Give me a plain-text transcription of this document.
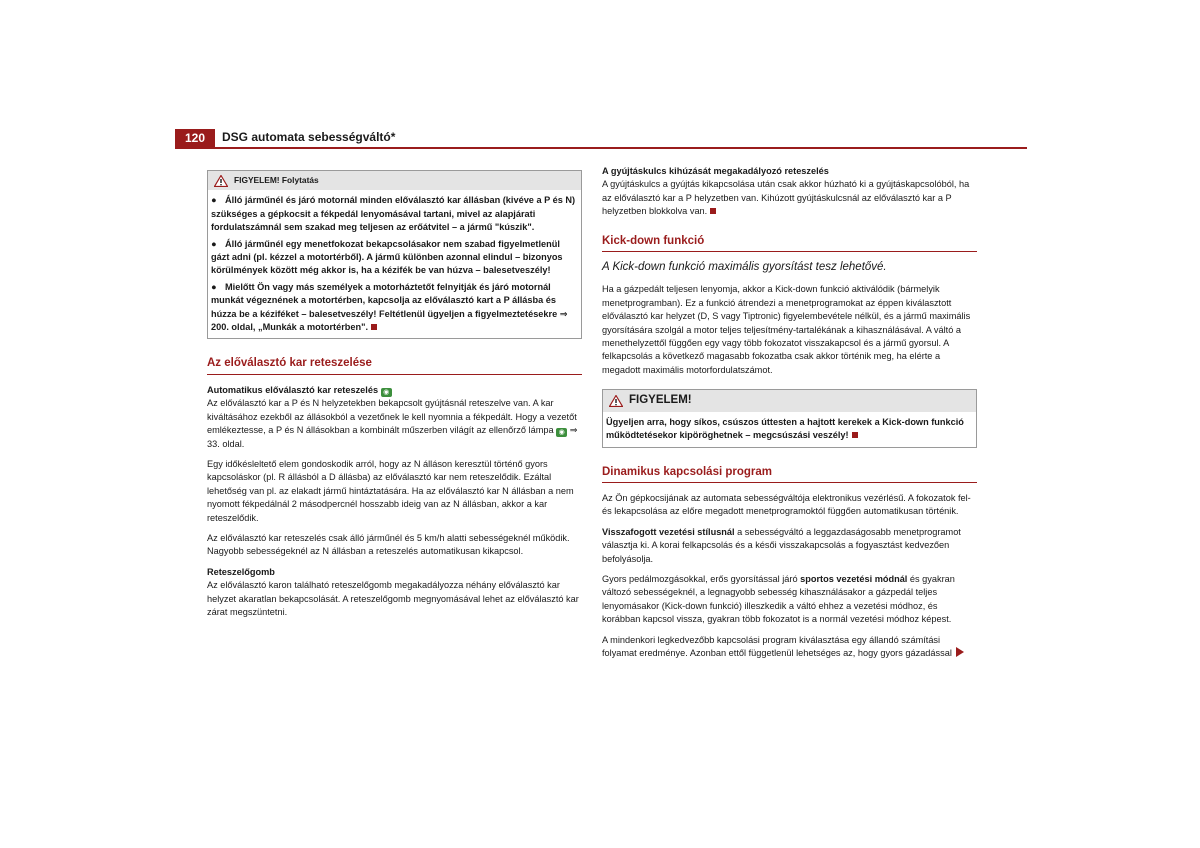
120	DSG automata sebességváltó*
FIGYELEM! Folytatás

● Álló járműnél és járó motornál minden előválasztó kar állásban (kivéve a P és N) szükséges a gépkocsit a fékpedál lenyomásával tartani, mivel az alapjárati fordulatszámnál sem szakad meg teljesen az erőátvitel – a jármű "kúszik".

● Álló járműnél egy menetfokozat bekapcsolásakor nem szabad figyelmetlenül gázt adni (pl. kézzel a motortérből). A jármű különben azonnal elindul – bizonyos körülmények között még akkor is, ha a kézifék be van húzva – balesetveszély!

● Mielőtt Ön vagy más személyek a motorháztetőt felnyitják és járó motornál munkát végeznének a motortérben, kapcsolja az előválasztó kart a P állásba és húzza be a kéziféket – balesetveszély! Feltétlenül ügyeljen a figyelmeztetésekre ⇒ 200. oldal, „Munkák a motortérben".

Az előválasztó kar reteszelése
Automatikus előválasztó kar reteszelés ◉

Az előválasztó kar a P és N helyzetekben bekapcsolt gyújtásnál reteszelve van. A kar kiváltásához ezekből az állásokból a vezetőnek le kell nyomnia a fékpedált. Hogy a vezetőt emlékeztesse, a P és N állásokban a kombinált műszerben világít az ellenőrző lámpa ◉ ⇒ 33. oldal.

Egy időkésleltető elem gondoskodik arról, hogy az N álláson keresztül történő gyors kapcsoláskor (pl. R állásból a D állásba) az előválasztó kar nem reteszelődik. Ezáltal lehetőség van pl. az elakadt jármű hintáztatására. Ha az előválasztó kar N állásban a nem nyomott fékpedálnál 2 másodpercnél hosszabb ideig van az N állásban, akkor a kar reteszelődik.

Az előválasztó kar reteszelés csak álló járműnél és 5 km/h alatti sebességeknél működik. Nagyobb sebességeknél az N állásban a reteszelés automatikusan kikapcsol.

Reteszelőgomb

Az előválasztó karon található reteszelőgomb megakadályozza néhány előválasztó kar helyzet akaratlan bekapcsolását. A reteszelőgomb megnyomásával lehet az előválasztó kar zárat megszüntetni.

A gyújtáskulcs kihúzását megakadályozó reteszelés

A gyújtáskulcs a gyújtás kikapcsolása után csak akkor húzható ki a gyújtáskapcsolóból, ha az előválasztó kar a P helyzetben van. Kihúzott gyújtáskulcsnál az előválasztó kar a P helyzetben blokkolva van.

Kick-down funkció

A Kick-down funkció maximális gyorsítást tesz lehetővé.

Ha a gázpedált teljesen lenyomja, akkor a Kick-down funkció aktiválódik (bármelyik menetprogramban). Ez a funkció átrendezi a menetprogramokat az éppen kiválasztott előválasztó kar helyzet (D, S vagy Tiptronic) figyelembevétele nélkül, és a jármű maximális gyorsítására szolgál a motor teljes teljesítmény-tartalékának a kihasználásával. A váltó a menethelyzettől függően egy vagy több fokozatot visszakapcsol és a jármű gyorsul. A felkapcsolás a következő magasabb fokozatba csak akkor történik meg, ha elérte a megadott maximális motorfordulatszámot.

FIGYELEM!
Ügyeljen arra, hogy síkos, csúszos úttesten a hajtott kerekek a Kick-down funkció működtetésekor kipöröghetnek – megcsúszási veszély!
Dinamikus kapcsolási program

Az Ön gépkocsijának az automata sebességváltója elektronikus vezérlésű. A fokozatok fel- és lekapcsolása az előre megadott menetprogramoktól függően automatikusan történik.

Visszafogott vezetési stílusnál a sebességváltó a leggazdaságosabb menetprogramot választja ki. A korai felkapcsolás és a késői visszakapcsolás a fogyasztást kedvezően befolyásolja.

Gyors pedálmozgásokkal, erős gyorsítással járó sportos vezetési módnál és gyakran változó sebességeknél, a legnagyobb sebesség kihasználásakor a gázpedál teljes lenyomásakor (Kick-down funkció) illeszkedik a váltó ehhez a vezetési módhoz, és korábban kapcsol vissza, gyakran több fokozatot is a normál vezetési módhoz képest.

A mindenkori legkedvezőbb kapcsolási program kiválasztása egy állandó számítási folyamat eredménye. Azonban ettől függetlenül lehetséges az, hogy gyors gázadással
